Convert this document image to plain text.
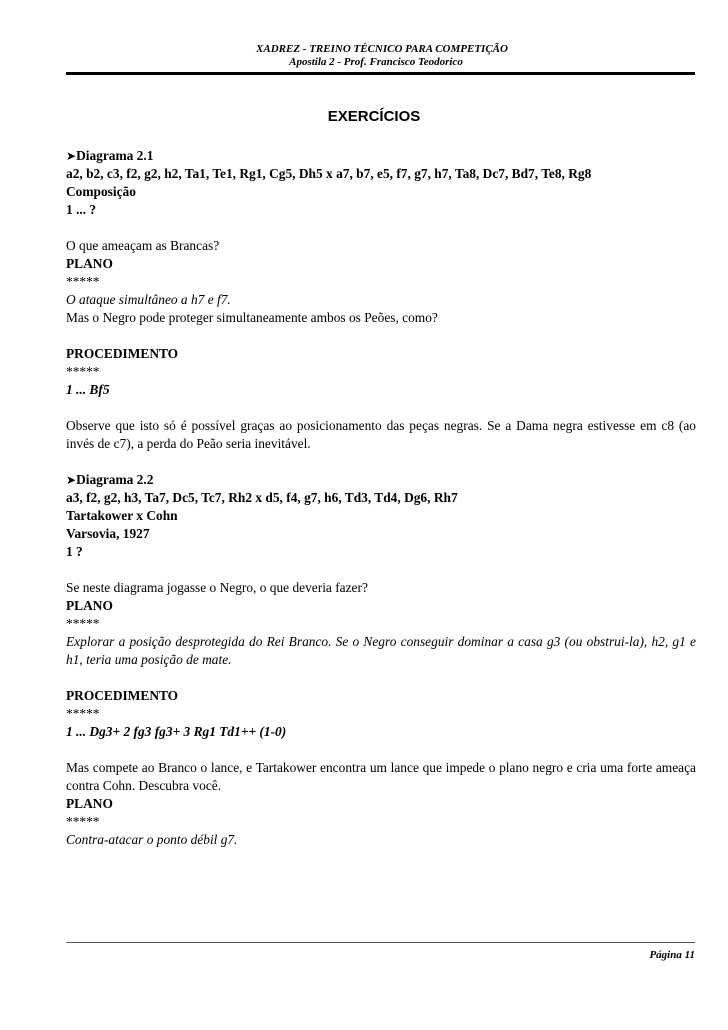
XADREZ - TREINO TÉCNICO PARA COMPETIÇÃO
Apostila 2 - Prof. Francisco Teodorico
EXERCÍCIOS

➤Diagrama 2.1

a2, b2, c3, f2, g2, h2, Ta1, Te1, Rg1, Cg5, Dh5 x a7, b7, e5, f7, g7, h7, Ta8, Dc7, Bd7, Te8, Rg8

Composição

1 ... ?

O que ameaçam as Brancas?

PLANO

*****

O ataque simultâneo a h7 e f7.

Mas o Negro pode proteger simultaneamente ambos os Peões, como?

PROCEDIMENTO

*****

1 ... Bf5

Observe que isto só é possível graças ao posicionamento das peças negras. Se a Dama negra estivesse em c8 (ao invés de c7), a perda do Peão seria inevitável.

➤Diagrama 2.2

a3, f2, g2, h3, Ta7, Dc5, Tc7, Rh2 x d5, f4, g7, h6, Td3, Td4, Dg6, Rh7

Tartakower x Cohn

Varsovia, 1927

1 ?

Se neste diagrama jogasse o Negro, o que deveria fazer?

PLANO

*****

Explorar a posição desprotegida do Rei Branco. Se o Negro conseguir dominar a casa g3 (ou obstrui-la), h2, g1 e h1, teria uma posição de mate.

PROCEDIMENTO

*****

1 ... Dg3+ 2 fg3 fg3+ 3 Rg1 Td1++ (1-0)

Mas compete ao Branco o lance, e Tartakower encontra um lance que impede o plano negro e cria uma forte ameaça contra Cohn. Descubra você.

PLANO

*****

Contra-atacar o ponto débil g7.

Página 11
